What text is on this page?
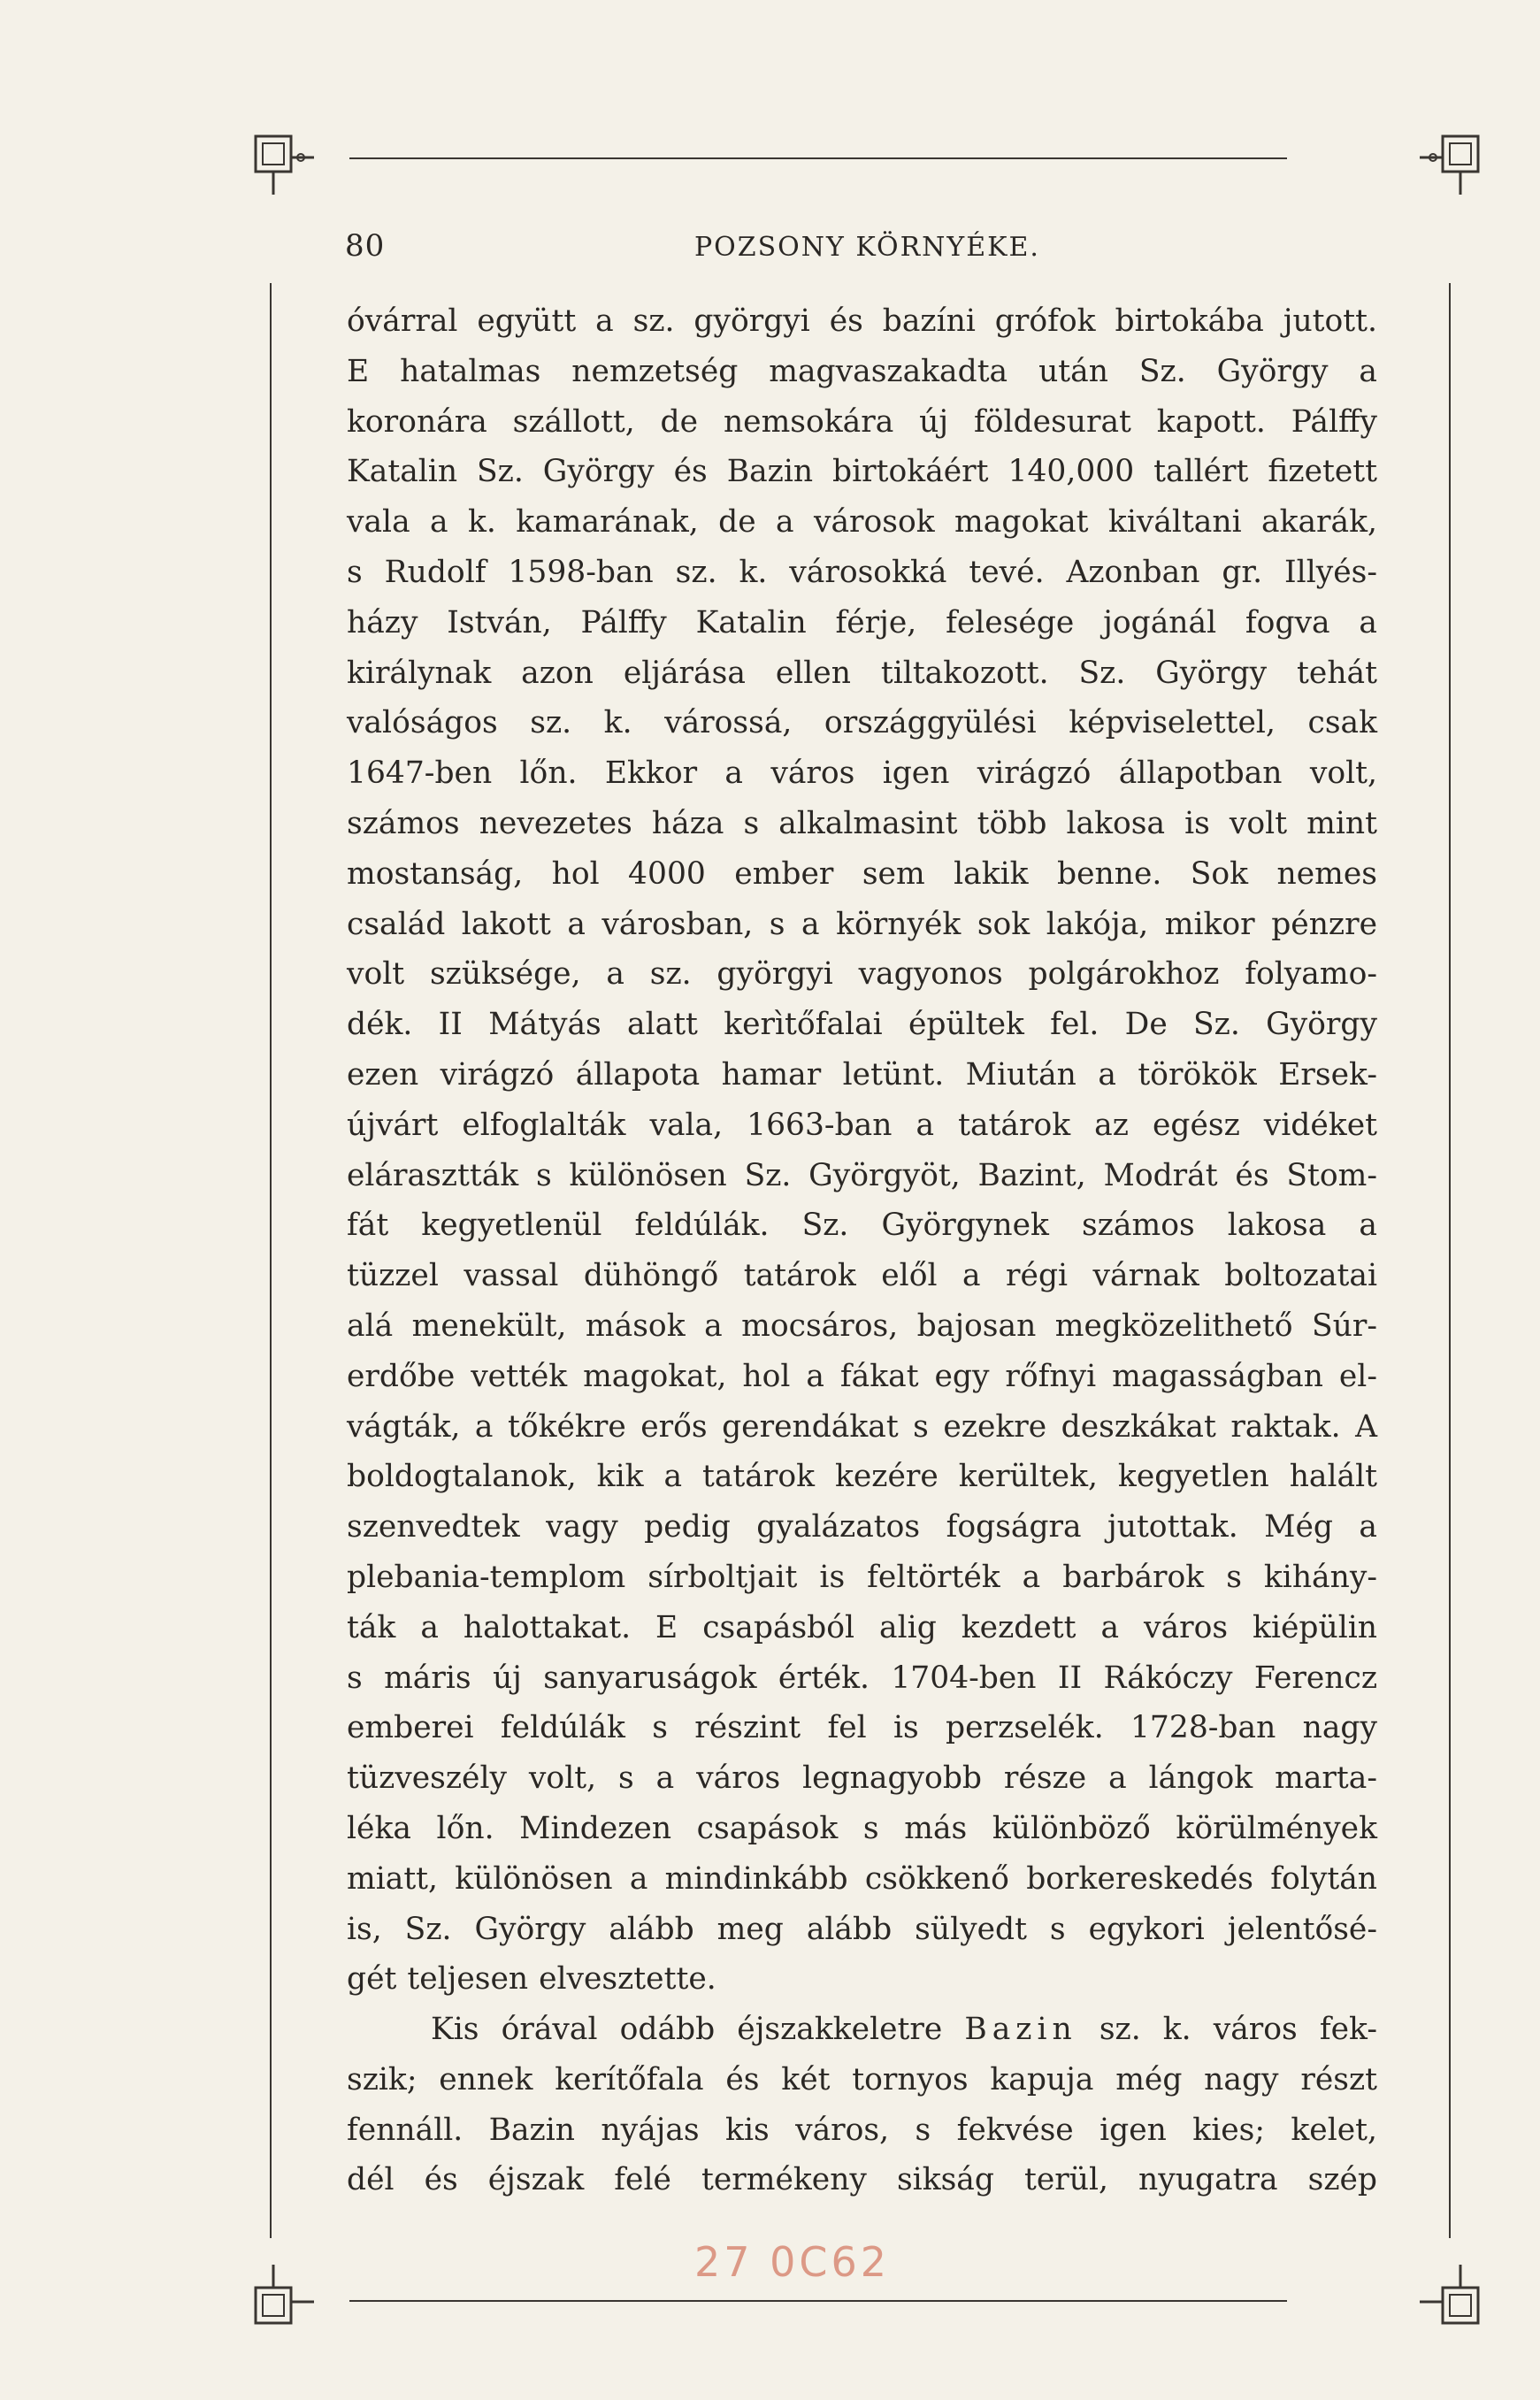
80	POZSONY KÖRNYÉKE.
óvárral együtt a sz. györgyi és bazíni grófok birtokába jutott.
E hatalmas nemzetség magvaszakadta után Sz. György a
koronára szállott, de nemsokára új földesurat kapott. Pálffy
Katalin Sz. György és Bazin birtokáért 140,000 tallért fizetett
vala a k. kamarának, de a városok magokat kiváltani akarák,
s Rudolf 1598-ban sz. k. városokká tevé. Azonban gr. Illyés-
házy István, Pálffy Katalin férje, felesége jogánál fogva a
királynak azon eljárása ellen tiltakozott. Sz. György tehát
valóságos sz. k. várossá, országgyülési képviselettel, csak
1647-ben lőn. Ekkor a város igen virágzó állapotban volt,
számos nevezetes háza s alkalmasint több lakosa is volt mint
mostanság, hol 4000 ember sem lakik benne. Sok nemes
család lakott a városban, s a környék sok lakója, mikor pénzre
volt szüksége, a sz. györgyi vagyonos polgárokhoz folyamo-
dék. II Mátyás alatt kerìtőfalai épültek fel. De Sz. György
ezen virágzó állapota hamar letünt. Miután a törökök Ersek-
újvárt elfoglalták vala, 1663-ban a tatárok az egész vidéket
elárasztták s különösen Sz. Györgyöt, Bazint, Modrát és Stom-
fát kegyetlenül feldúlák. Sz. Györgynek számos lakosa a
tüzzel vassal dühöngő tatárok elől a régi várnak boltozatai
alá menekült, mások a mocsáros, bajosan megközelithető Súr-
erdőbe vették magokat, hol a fákat egy rőfnyi magasságban el-
vágták, a tőkékre erős gerendákat s ezekre deszkákat raktak. A
boldogtalanok, kik a tatárok kezére kerültek, kegyetlen halált
szenvedtek vagy pedig gyalázatos fogságra jutottak. Még a
plebania-templom sírboltjait is feltörték a barbárok s kihány-
ták a halottakat. E csapásból alig kezdett a város kiépülin
s máris új sanyaruságok érték. 1704-ben II Rákóczy Ferencz
emberei feldúlák s részint fel is perzselék. 1728-ban nagy
tüzveszély volt, s a város legnagyobb része a lángok marta-
léka lőn. Mindezen csapások s más különböző körülmények
miatt, különösen a mindinkább csökkenő borkereskedés folytán
is, Sz. György alább meg alább sülyedt s egykori jelentősé-
gét teljesen elvesztette.
Kis órával odább éjszakkeletre Bazin sz. k. város fek-
szik; ennek kerítőfala és két tornyos kapuja még nagy részt
fennáll. Bazin nyájas kis város, s fekvése igen kies; kelet,
dél és éjszak felé termékeny sikság terül, nyugatra szép
27 0C62
